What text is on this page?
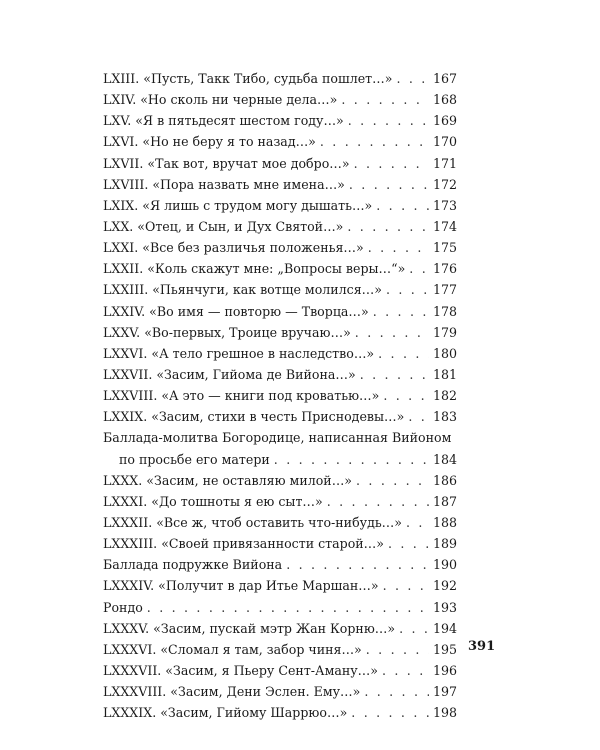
LXIII. «Пусть, Такк Тибо, судьба пошлет…» . . .	167
LXIV. «Но сколь ни черные дела…» . . .	168
LXV. «Я в пятьдесят шестом году…» . . .	169
LXVI. «Но не беру я то назад…» . . .	170
LXVII. «Так вот, вручат мое добро…» . . .	171
LXVIII. «Пора назвать мне имена…» . . .	172
LXIX. «Я лишь с трудом могу дышать…» . . .	173
LXX. «Отец, и Сын, и Дух Святой…» . . .	174
LXXI. «Все без различья положенья…» . . .	175
LXXII. «Коль скажут мне: „Вопросы веры…“» . . . 176
LXXIII. «Пьянчуги, как вотще молился…» . . .	177
LXXIV. «Во имя — повторю — Творца…» . . .	178
LXXV. «Во-первых, Троице вручаю…» . . .	179
LXXVI. «А тело грешное в наследство…» . . .	180
LXXVII. «Засим, Гийома де Вийона…» . . .	181
LXXVIII. «А это — книги под кроватью…» . . .	182
LXXIX. «Засим, стихи в честь Приснодевы…» . . . 183
Баллада-молитва Богородице, написанная Вийоном
по просьбе его матери . . .	184
LXXX. «Засим, не оставляю милой…» . . .	186
LXXXI. «До тошноты я ею сыт…» . . .	187
LXXXII. «Все ж, чтоб оставить что-нибудь…» . . . 188
LXXXIII. «Своей привязанности старой…» . . .	189
Баллада подружке Вийона . . .	190
LXXXIV. «Получит в дар Итье Маршан…» . . .	192
Рондо . . .	193
LXXXV. «Засим, пускай мэтр Жан Корню…» . . .	194
LXXXVI. «Сломал я там, забор чиня…» . . .	195
LXXXVII. «Засим, я Пьеру Сент-Аману…» . . .	196
LXXXVIII. «Засим, Дени Эслен. Ему…» . . .	197
LXXXIX. «Засим, Гийому Шаррюо…» . . .	198
391
